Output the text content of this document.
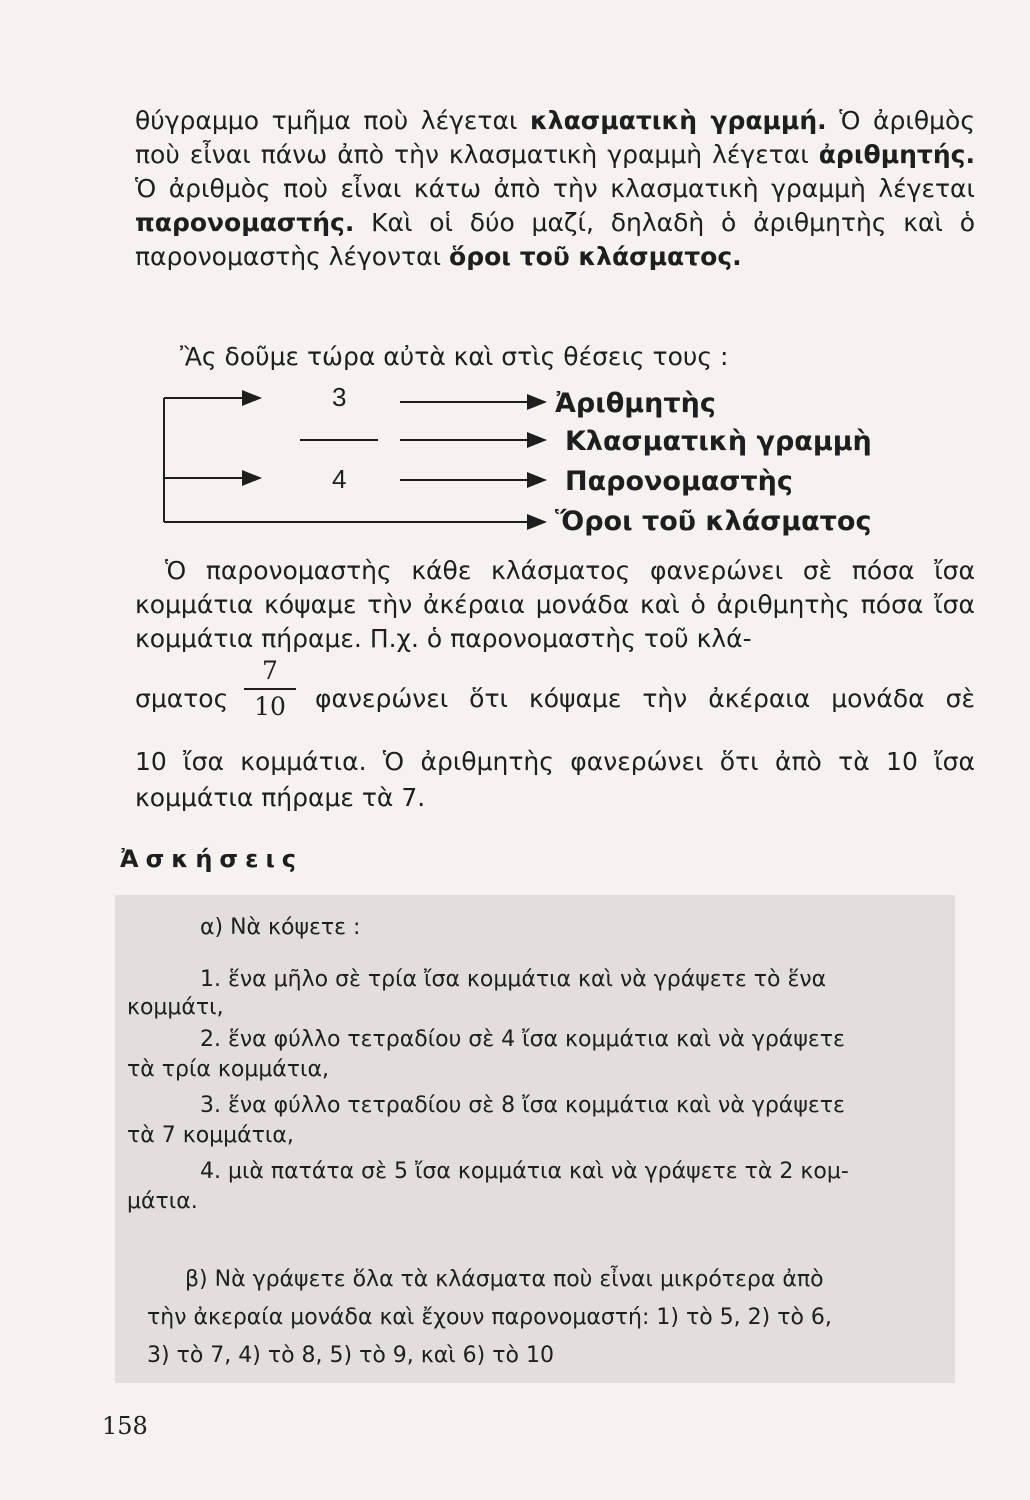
θύγραμμο τμῆμα ποὺ λέγεται κλασματικὴ γραμμή. Ὁ ἀριθμὸς ποὺ εἶναι πάνω ἀπὸ τὴν κλασματικὴ γραμμὴ λέγεται ἀριθμητής. Ὁ ἀριθμὸς ποὺ εἶναι κάτω ἀπὸ τὴν κλασματικὴ γραμμὴ λέγεται παρονομαστής. Καὶ οἱ δύο μαζί, δηλαδὴ ὁ ἀριθμητὴς καὶ ὁ παρονομαστὴς λέγονται ὅροι τοῦ κλάσματος.

Ἂς δοῦμε τώρα αὐτὰ καὶ στὶς θέσεις τους :

3
4
Ἀριθμητὴς
Κλασματικὴ γραμμὴ
Παρονομαστὴς
Ὅροι τοῦ κλάσματος

Ὁ παρονομαστὴς κάθε κλάσματος φανερώνει σὲ πόσα ἴσα κομμάτια κόψαμε τὴν ἀκέραια μονάδα καὶ ὁ ἀριθμητὴς πόσα ἴσα κομμάτια πήραμε. Π.χ. ὁ παρονομαστὴς τοῦ κλά-

σματος
7
10	φανερώνει ὅτι κόψαμε τὴν ἀκέραια μονάδα σὲ

10 ἴσα κομμάτια. Ὁ ἀριθμητὴς φανερώνει ὅτι ἀπὸ τὰ 10 ἴσα κομμάτια πήραμε τὰ 7.

Ἀσκήσεις

α) Νὰ κόψετε :

1. ἕνα μῆλο σὲ τρία ἴσα κομμάτια καὶ νὰ γράψετε τὸ ἕνα

κομμάτι,

2. ἕνα φύλλο τετραδίου σὲ 4 ἴσα κομμάτια καὶ νὰ γράψετε

τὰ τρία κομμάτια,

3. ἕνα φύλλο τετραδίου σὲ 8 ἴσα κομμάτια καὶ νὰ γράψετε

τὰ 7 κομμάτια,

4. μιὰ πατάτα σὲ 5 ἴσα κομμάτια καὶ νὰ γράψετε τὰ 2 κομ-

μάτια.

β) Νὰ γράψετε ὅλα τὰ κλάσματα ποὺ εἶναι μικρότερα ἀπὸ

τὴν ἀκεραία μονάδα καὶ ἔχουν παρονομαστή: 1) τὸ 5, 2) τὸ 6,

3) τὸ 7, 4) τὸ 8, 5) τὸ 9, καὶ 6) τὸ 10

158
